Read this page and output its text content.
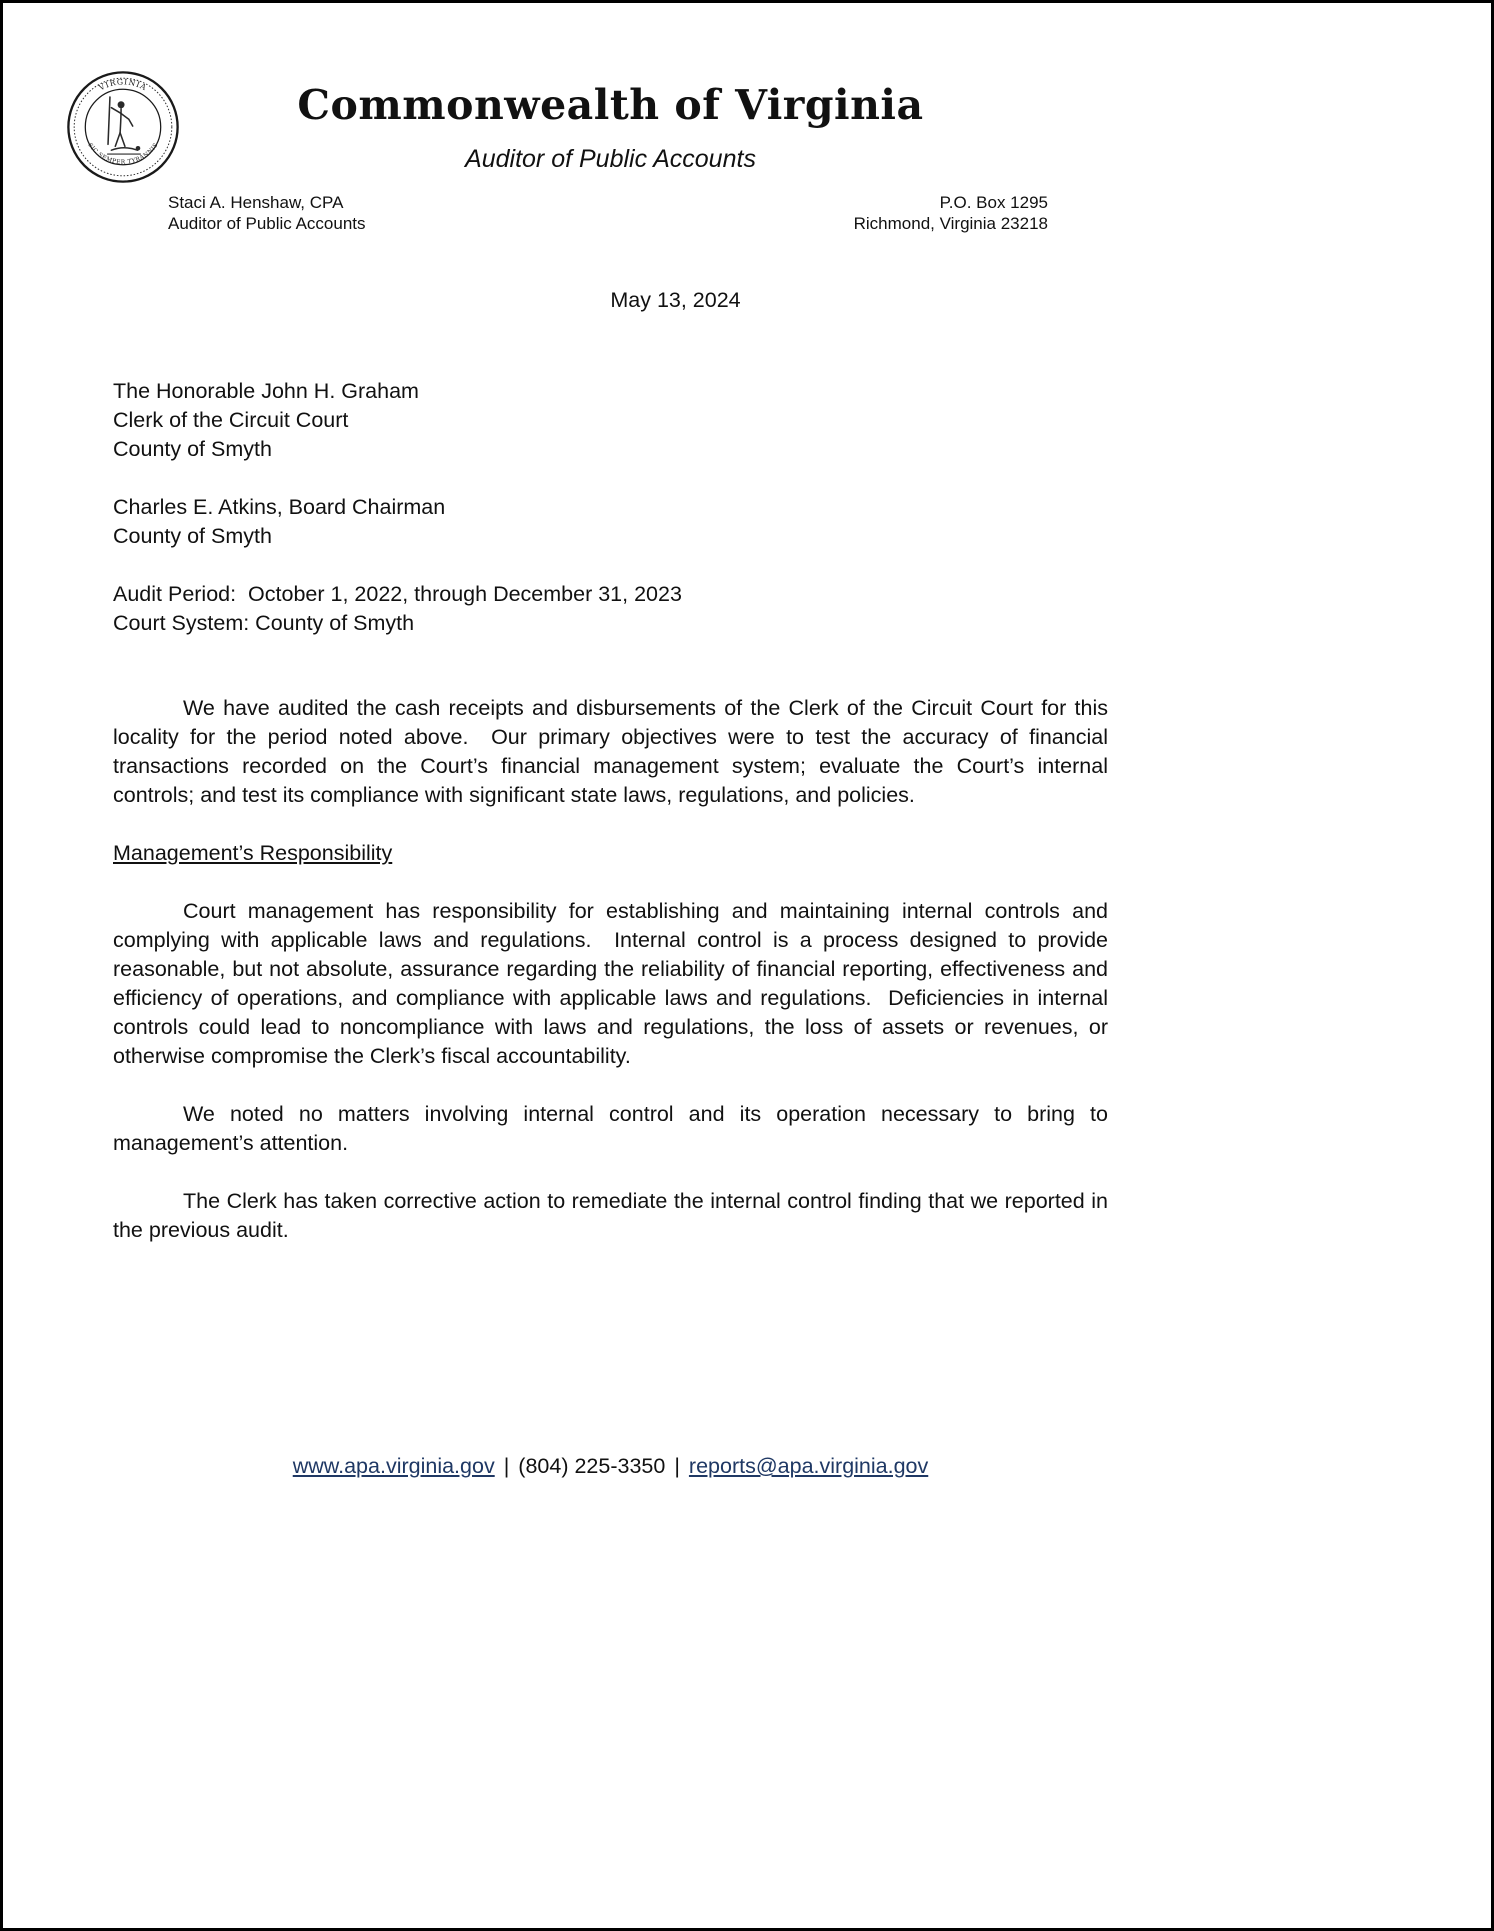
VIRGINIA
SIC SEMPER TYRANNIS
Commonwealth of Virginia
Auditor of Public Accounts
Staci A. Henshaw, CPA
Auditor of Public Accounts
P.O. Box 1295
Richmond, Virginia 23218
May 13, 2024
The Honorable John H. Graham
Clerk of the Circuit Court
County of Smyth
Charles E. Atkins, Board Chairman
County of Smyth
Audit Period:  October 1, 2022, through December 31, 2023
Court System: County of Smyth
We have audited the cash receipts and disbursements of the Clerk of the Circuit Court for this locality for the period noted above.  Our primary objectives were to test the accuracy of financial transactions recorded on the Court’s financial management system; evaluate the Court’s internal controls; and test its compliance with significant state laws, regulations, and policies.
Management’s Responsibility
Court management has responsibility for establishing and maintaining internal controls and complying with applicable laws and regulations.  Internal control is a process designed to provide reasonable, but not absolute, assurance regarding the reliability of financial reporting, effectiveness and efficiency of operations, and compliance with applicable laws and regulations.  Deficiencies in internal controls could lead to noncompliance with laws and regulations, the loss of assets or revenues, or otherwise compromise the Clerk’s fiscal accountability.
We noted no matters involving internal control and its operation necessary to bring to management’s attention.
The Clerk has taken corrective action to remediate the internal control finding that we reported in the previous audit.
www.apa.virginia.gov | (804) 225-3350 | reports@apa.virginia.gov
